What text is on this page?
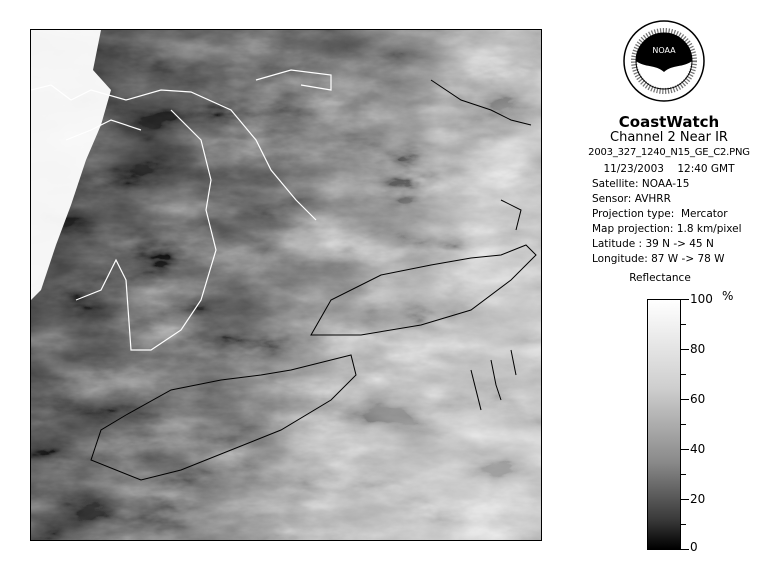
NOAA
CoastWatch
Channel 2 Near IR
2003_327_1240_N15_GE_C2.PNG
11/23/2003 12:40 GMT
Satellite: NOAA-15
Sensor: AVHRR
Projection type: Mercator
Map projection: 1.8 km/pixel
Latitude : 39 N -> 45 N
Longitude: 87 W -> 78 W
Reflectance
%
100
80
60
40
20
0
